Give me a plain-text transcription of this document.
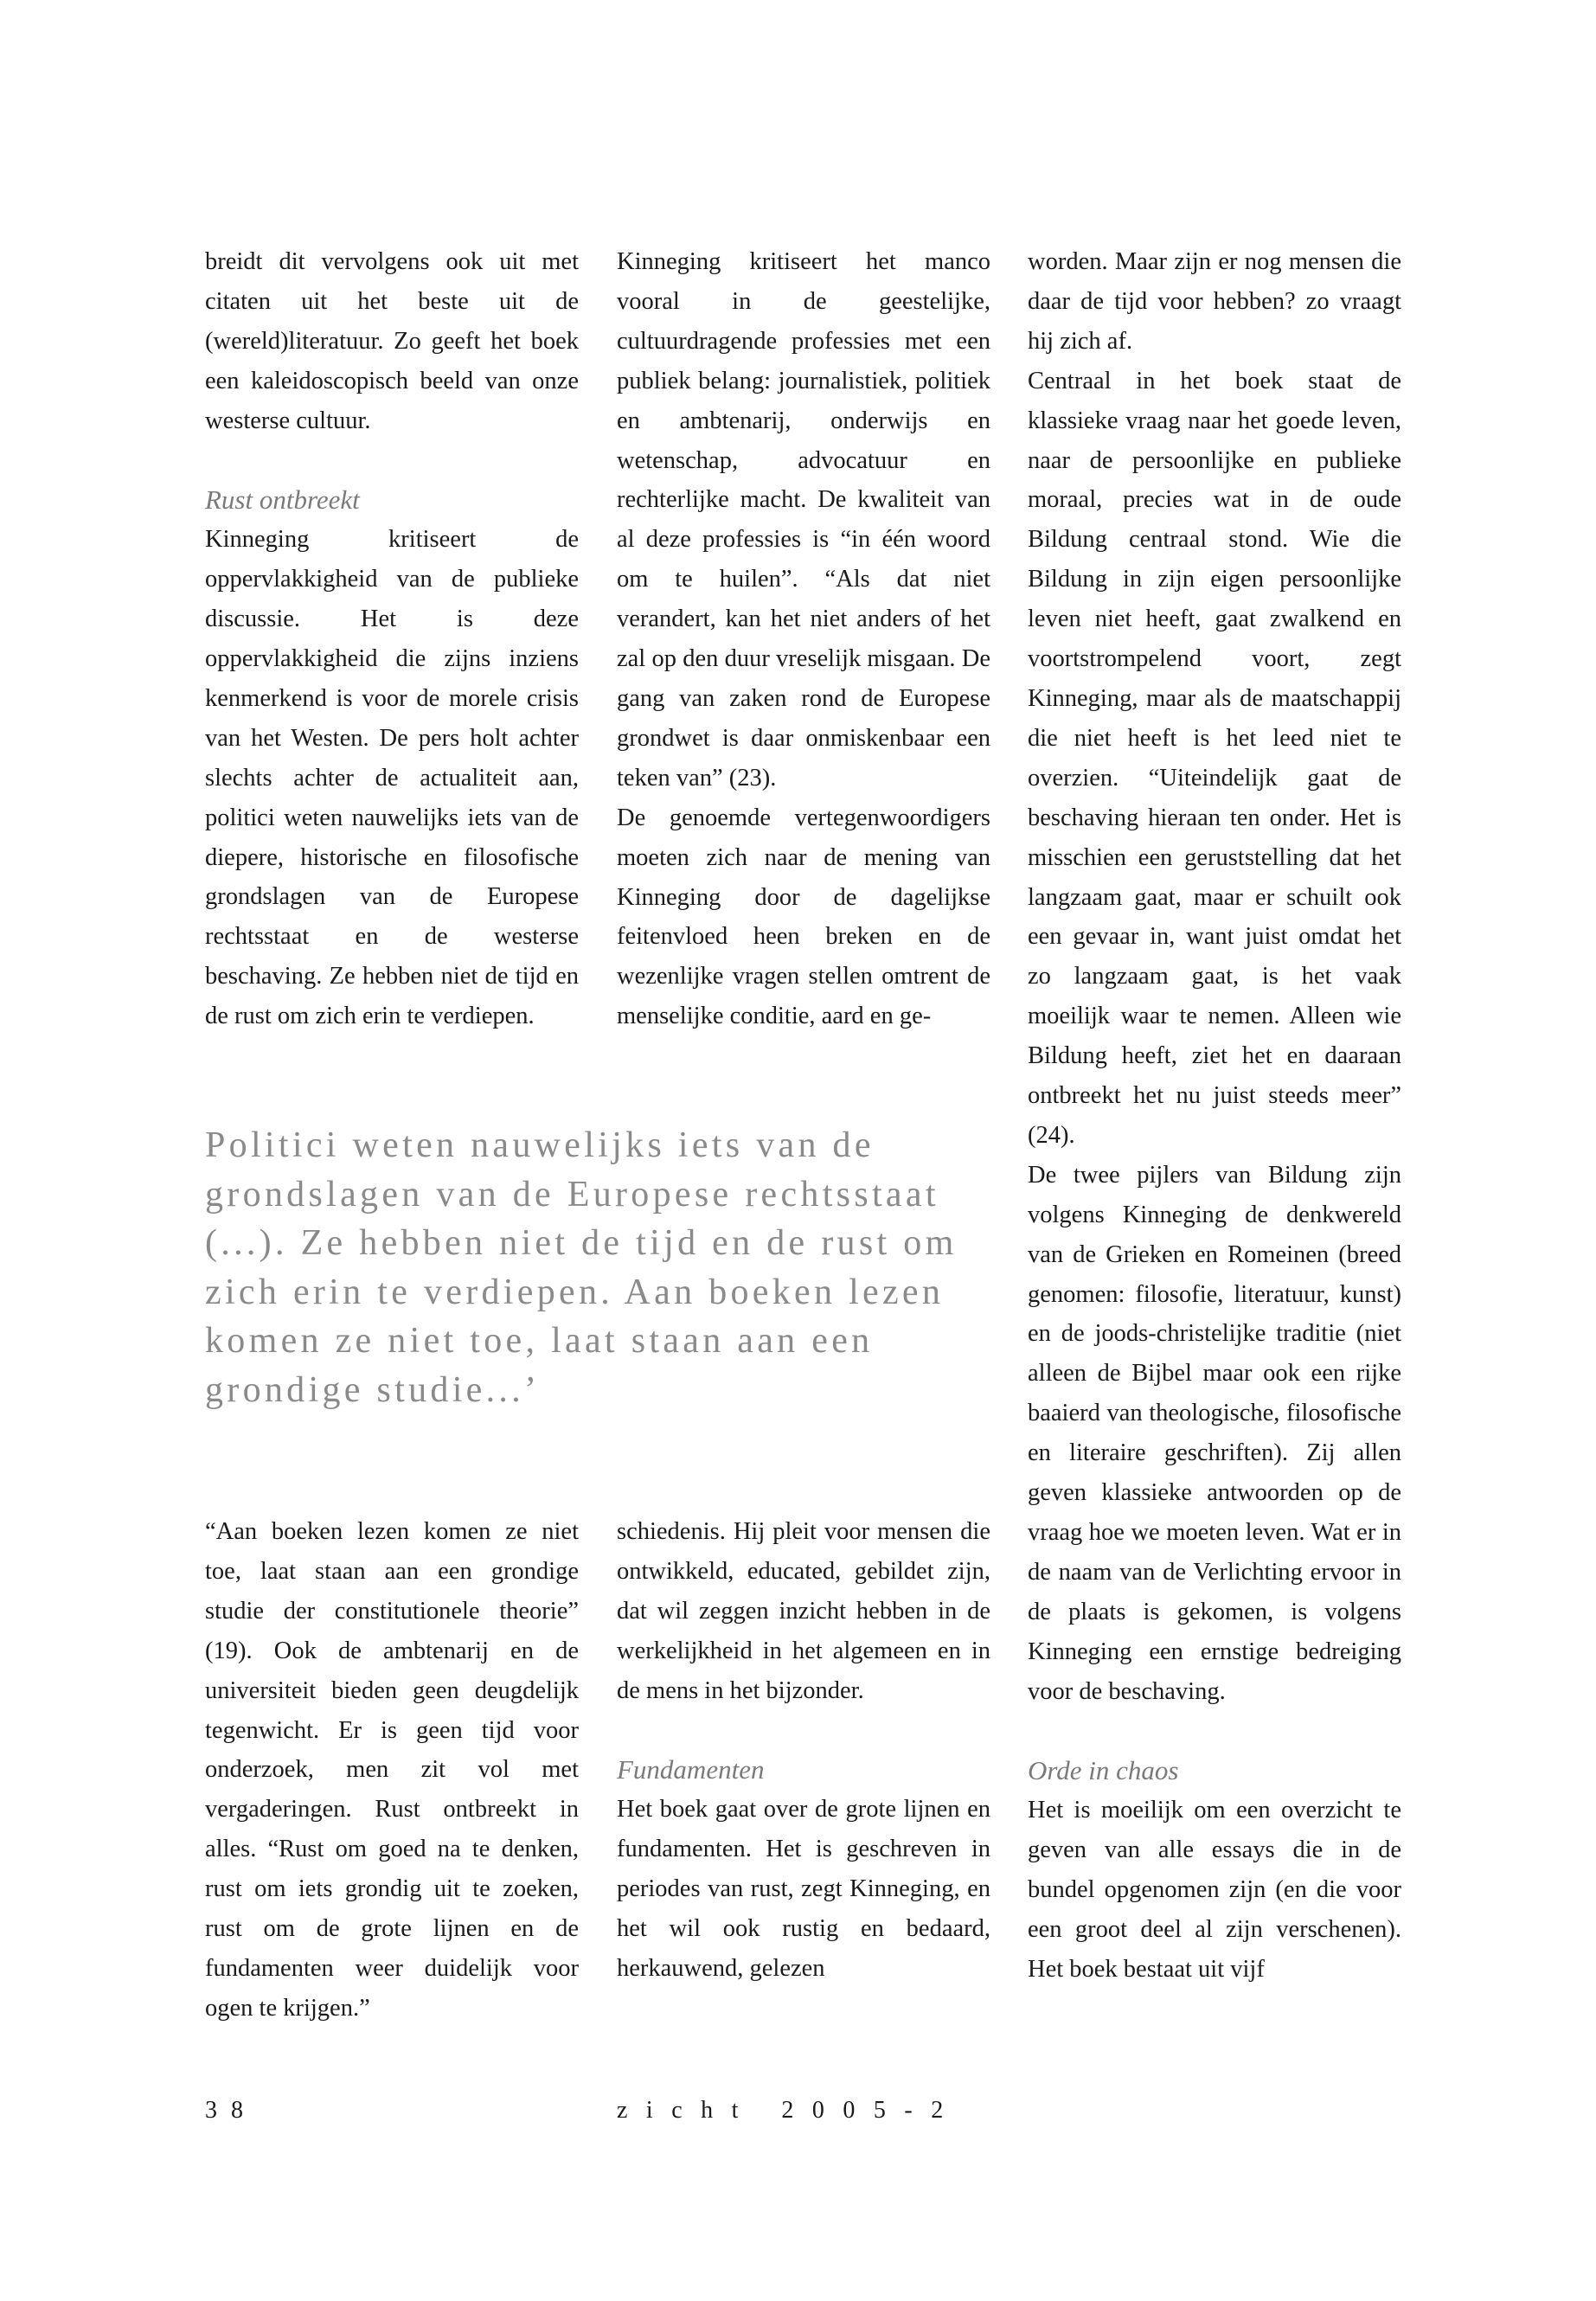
breidt dit vervolgens ook uit met citaten uit het beste uit de (wereld)literatuur. Zo geeft het boek een kaleidoscopisch beeld van onze westerse cultuur.

Rust ontbreekt

Kinneging kritiseert de oppervlakkigheid van de publieke discussie. Het is deze oppervlakkigheid die zijns inziens kenmerkend is voor de morele crisis van het Westen. De pers holt achter slechts achter de actualiteit aan, politici weten nauwelijks iets van de diepere, historische en filosofische grondslagen van de Europese rechtsstaat en de westerse beschaving. Ze hebben niet de tijd en de rust om zich erin te verdiepen.

Kinneging kritiseert het manco vooral in de geestelijke, cultuurdragende professies met een publiek belang: journalistiek, politiek en ambtenarij, onderwijs en wetenschap, advocatuur en rechterlijke macht. De kwaliteit van al deze professies is “in één woord om te huilen”. “Als dat niet verandert, kan het niet anders of het zal op den duur vreselijk misgaan. De gang van zaken rond de Europese grondwet is daar onmiskenbaar een teken van” (23).

De genoemde vertegenwoordigers moeten zich naar de mening van Kinneging door de dagelijkse feitenvloed heen breken en de wezenlijke vragen stellen omtrent de menselijke conditie, aard en ge-

worden. Maar zijn er nog mensen die daar de tijd voor hebben? zo vraagt hij zich af.

Centraal in het boek staat de klassieke vraag naar het goede leven, naar de persoonlijke en publieke moraal, precies wat in de oude Bildung centraal stond. Wie die Bildung in zijn eigen persoonlijke leven niet heeft, gaat zwalkend en voortstrompelend voort, zegt Kinneging, maar als de maatschappij die niet heeft is het leed niet te overzien. “Uiteindelijk gaat de beschaving hieraan ten onder. Het is misschien een geruststelling dat het langzaam gaat, maar er schuilt ook een gevaar in, want juist omdat het zo langzaam gaat, is het vaak moeilijk waar te nemen. Alleen wie Bildung heeft, ziet het en daaraan ontbreekt het nu juist steeds meer” (24).

De twee pijlers van Bildung zijn volgens Kinneging de denkwereld van de Grieken en Romeinen (breed genomen: filosofie, literatuur, kunst) en de joods-christelijke traditie (niet alleen de Bijbel maar ook een rijke baaierd van theologische, filosofische en literaire geschriften). Zij allen geven klassieke antwoorden op de vraag hoe we moeten leven. Wat er in de naam van de Verlichting ervoor in de plaats is gekomen, is volgens Kinneging een ernstige bedreiging voor de beschaving.

Orde in chaos

Het is moeilijk om een overzicht te geven van alle essays die in de bundel opgenomen zijn (en die voor een groot deel al zijn verschenen). Het boek bestaat uit vijf

Politici weten nauwelijks iets van de grondslagen van de Europese rechtsstaat (...). Ze hebben niet de tijd en de rust om zich erin te verdiepen. Aan boeken lezen komen ze niet toe, laat staan aan een grondige studie...’

“Aan boeken lezen komen ze niet toe, laat staan aan een grondige studie der constitutionele theorie” (19). Ook de ambtenarij en de universiteit bieden geen deugdelijk tegenwicht. Er is geen tijd voor onderzoek, men zit vol met vergaderingen. Rust ontbreekt in alles. “Rust om goed na te denken, rust om iets grondig uit te zoeken, rust om de grote lijnen en de fundamenten weer duidelijk voor ogen te krijgen.”

schiedenis. Hij pleit voor mensen die ontwikkeld, educated, gebildet zijn, dat wil zeggen inzicht hebben in de werkelijkheid in het algemeen en in de mens in het bijzonder.

Fundamenten

Het boek gaat over de grote lijnen en fundamenten. Het is geschreven in periodes van rust, zegt Kinneging, en het wil ook rustig en bedaard, herkauwend, gelezen

38	zicht 2005-2
